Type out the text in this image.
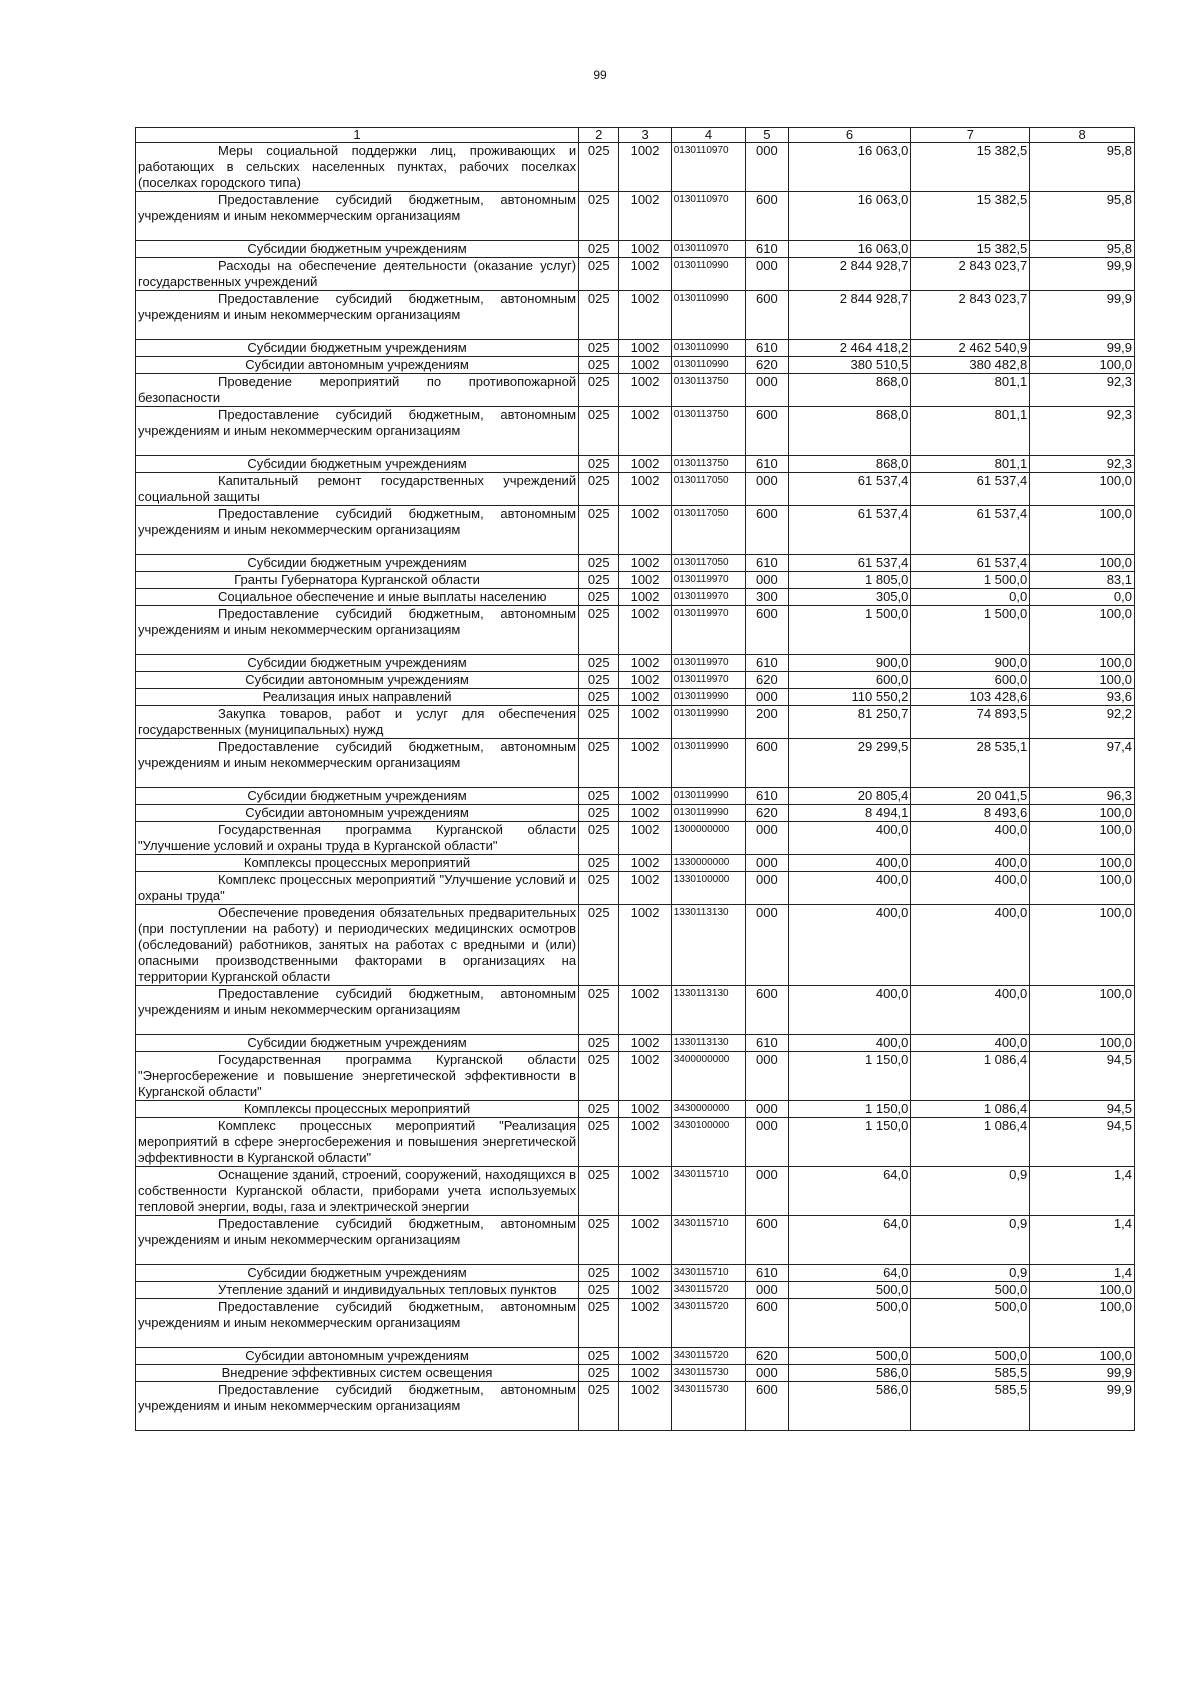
99
1	2	3	4	5	6	7	8
Меры социальной поддержки лиц, проживающих и работающих в сельских населенных пунктах, рабочих поселках (поселках городского типа)	025	1002	0130110970	000	16 063,0	15 382,5	95,8
Предоставление субсидий бюджетным, автономным учреждениям и иным некоммерческим организациям	025	1002	0130110970	600	16 063,0	15 382,5	95,8
Субсидии бюджетным учреждениям	025	1002	0130110970	610	16 063,0	15 382,5	95,8
Расходы на обеспечение деятельности (оказание услуг) государственных учреждений	025	1002	0130110990	000	2 844 928,7	2 843 023,7	99,9
Предоставление субсидий бюджетным, автономным учреждениям и иным некоммерческим организациям	025	1002	0130110990	600	2 844 928,7	2 843 023,7	99,9
Субсидии бюджетным учреждениям	025	1002	0130110990	610	2 464 418,2	2 462 540,9	99,9
Субсидии автономным учреждениям	025	1002	0130110990	620	380 510,5	380 482,8	100,0
Проведение мероприятий по противопожарной безопасности	025	1002	0130113750	000	868,0	801,1	92,3
Предоставление субсидий бюджетным, автономным учреждениям и иным некоммерческим организациям	025	1002	0130113750	600	868,0	801,1	92,3
Субсидии бюджетным учреждениям	025	1002	0130113750	610	868,0	801,1	92,3
Капитальный ремонт государственных учреждений социальной защиты	025	1002	0130117050	000	61 537,4	61 537,4	100,0
Предоставление субсидий бюджетным, автономным учреждениям и иным некоммерческим организациям	025	1002	0130117050	600	61 537,4	61 537,4	100,0
Субсидии бюджетным учреждениям	025	1002	0130117050	610	61 537,4	61 537,4	100,0
Гранты Губернатора Курганской области	025	1002	0130119970	000	1 805,0	1 500,0	83,1
Социальное обеспечение и иные выплаты населению	025	1002	0130119970	300	305,0	0,0	0,0
Предоставление субсидий бюджетным, автономным учреждениям и иным некоммерческим организациям	025	1002	0130119970	600	1 500,0	1 500,0	100,0
Субсидии бюджетным учреждениям	025	1002	0130119970	610	900,0	900,0	100,0
Субсидии автономным учреждениям	025	1002	0130119970	620	600,0	600,0	100,0
Реализация иных направлений	025	1002	0130119990	000	110 550,2	103 428,6	93,6
Закупка товаров, работ и услуг для обеспечения государственных (муниципальных) нужд	025	1002	0130119990	200	81 250,7	74 893,5	92,2
Предоставление субсидий бюджетным, автономным учреждениям и иным некоммерческим организациям	025	1002	0130119990	600	29 299,5	28 535,1	97,4
Субсидии бюджетным учреждениям	025	1002	0130119990	610	20 805,4	20 041,5	96,3
Субсидии автономным учреждениям	025	1002	0130119990	620	8 494,1	8 493,6	100,0
Государственная программа Курганской области "Улучшение условий и охраны труда в Курганской области"	025	1002	1300000000	000	400,0	400,0	100,0
Комплексы процессных мероприятий	025	1002	1330000000	000	400,0	400,0	100,0
Комплекс процессных мероприятий "Улучшение условий и охраны труда"	025	1002	1330100000	000	400,0	400,0	100,0
Обеспечение проведения обязательных предварительных (при поступлении на работу) и периодических медицинских осмотров (обследований) работников, занятых на работах с вредными и (или) опасными производственными факторами в организациях на территории Курганской области	025	1002	1330113130	000	400,0	400,0	100,0
Предоставление субсидий бюджетным, автономным учреждениям и иным некоммерческим организациям	025	1002	1330113130	600	400,0	400,0	100,0
Субсидии бюджетным учреждениям	025	1002	1330113130	610	400,0	400,0	100,0
Государственная программа Курганской области "Энергосбережение и повышение энергетической эффективности в Курганской области"	025	1002	3400000000	000	1 150,0	1 086,4	94,5
Комплексы процессных мероприятий	025	1002	3430000000	000	1 150,0	1 086,4	94,5
Комплекс процессных мероприятий "Реализация мероприятий в сфере энергосбережения и повышения энергетической эффективности в Курганской области"	025	1002	3430100000	000	1 150,0	1 086,4	94,5
Оснащение зданий, строений, сооружений, находящихся в собственности Курганской области, приборами учета используемых тепловой энергии, воды, газа и электрической энергии	025	1002	3430115710	000	64,0	0,9	1,4
Предоставление субсидий бюджетным, автономным учреждениям и иным некоммерческим организациям	025	1002	3430115710	600	64,0	0,9	1,4
Субсидии бюджетным учреждениям	025	1002	3430115710	610	64,0	0,9	1,4
Утепление зданий и индивидуальных тепловых пунктов	025	1002	3430115720	000	500,0	500,0	100,0
Предоставление субсидий бюджетным, автономным учреждениям и иным некоммерческим организациям	025	1002	3430115720	600	500,0	500,0	100,0
Субсидии автономным учреждениям	025	1002	3430115720	620	500,0	500,0	100,0
Внедрение эффективных систем освещения	025	1002	3430115730	000	586,0	585,5	99,9
Предоставление субсидий бюджетным, автономным учреждениям и иным некоммерческим организациям	025	1002	3430115730	600	586,0	585,5	99,9
